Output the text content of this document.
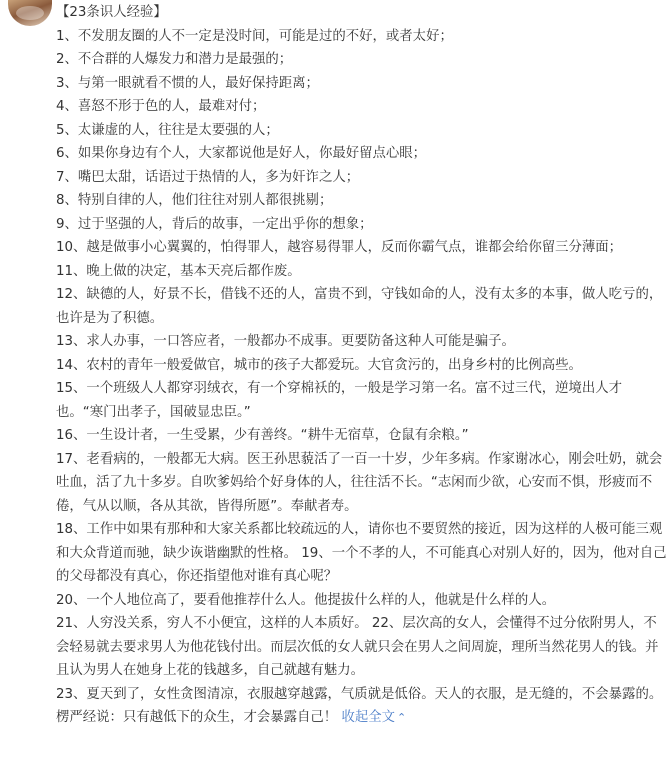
【23条识人经验】
1、不发朋友圈的人不一定是没时间，可能是过的不好，或者太好；
2、不合群的人爆发力和潜力是最强的；
3、与第一眼就看不惯的人，最好保持距离；
4、喜怒不形于色的人，最难对付；
5、太谦虚的人，往往是太要强的人；
6、如果你身边有个人，大家都说他是好人，你最好留点心眼；
7、嘴巴太甜，话语过于热情的人，多为奸诈之人；
8、特别自律的人，他们往往对别人都很挑剔；
9、过于坚强的人，背后的故事，一定出乎你的想象；
10、越是做事小心翼翼的，怕得罪人，越容易得罪人，反而你霸气点，谁都会给你留三分薄面；
11、晚上做的决定，基本天亮后都作废。
12、缺德的人，好景不长，借钱不还的人，富贵不到，守钱如命的人，没有太多的本事，做人吃亏的，也许是为了积德。
13、求人办事，一口答应者，一般都办不成事。更要防备这种人可能是骗子。
14、农村的青年一般爱做官，城市的孩子大都爱玩。大官贪污的，出身乡村的比例高些。
15、一个班级人人都穿羽绒衣，有一个穿棉袄的，一般是学习第一名。富不过三代，逆境出人才也。“寒门出孝子，国破显忠臣。”
16、一生设计者，一生受累，少有善终。“耕牛无宿草，仓鼠有余粮。”
17、老看病的，一般都无大病。医王孙思藐活了一百一十岁，少年多病。作家谢冰心，刚会吐奶，就会吐血，活了九十多岁。自吹爹妈给个好身体的人，往往活不长。“志闲而少欲，心安而不惧，形疲而不倦，气从以顺，各从其欲，皆得所愿”。奉献者寿。
18、工作中如果有那种和大家关系都比较疏远的人，请你也不要贸然的接近，因为这样的人极可能三观和大众背道而驰，缺少诙谐幽默的性格。 19、一个不孝的人，不可能真心对别人好的，因为，他对自己的父母都没有真心，你还指望他对谁有真心呢？
20、一个人地位高了，要看他推荐什么人。他提拔什么样的人，他就是什么样的人。
21、人穷没关系，穷人不小便宜，这样的人本质好。 22、层次高的女人，会懂得不过分依附男人，不会轻易就去要求男人为他花钱付出。而层次低的女人就只会在男人之间周旋，理所当然花男人的钱。并且认为男人在她身上花的钱越多，自己就越有魅力。
23、夏天到了，女性贪图清凉，衣服越穿越露，气质就是低俗。天人的衣服，是无缝的，不会暴露的。楞严经说：只有越低下的众生，才会暴露自己！ 收起全文 ⌃
